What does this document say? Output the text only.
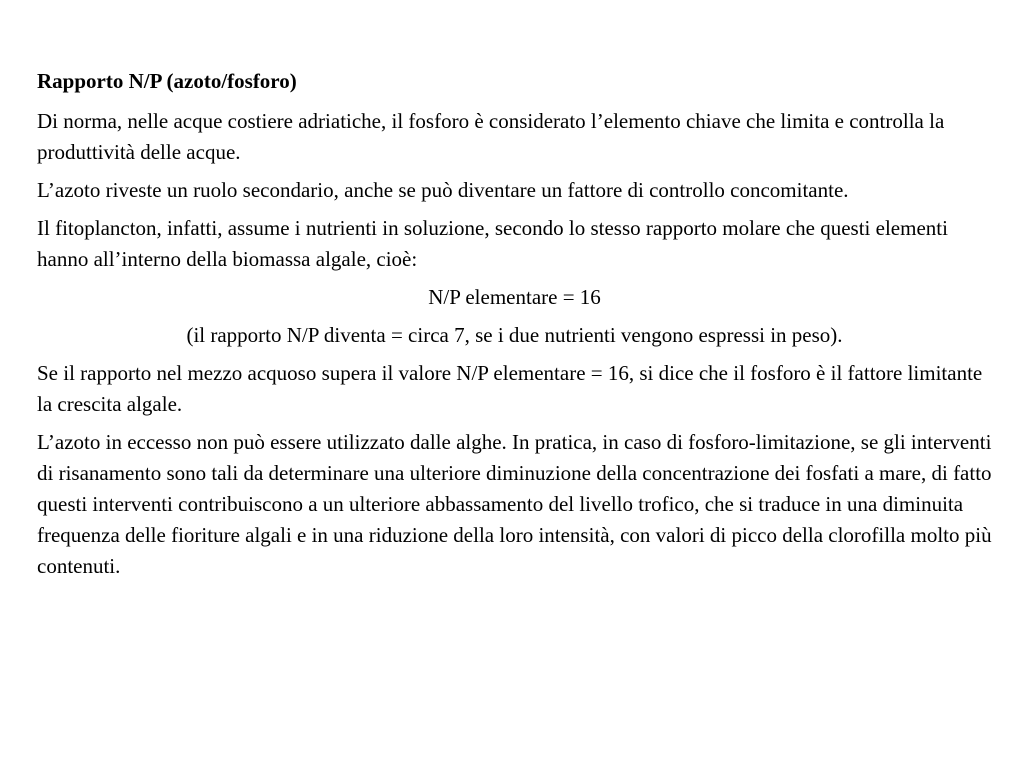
Rapporto N/P (azoto/fosforo)
Di norma, nelle acque costiere adriatiche, il fosforo è considerato l’elemento chiave che limita e controlla la produttività delle acque.
L’azoto riveste un ruolo secondario, anche se può diventare un fattore di controllo concomitante.
Il fitoplancton, infatti, assume i nutrienti in soluzione, secondo lo stesso rapporto molare che questi elementi hanno all’interno della biomassa algale, cioè:
N/P elementare = 16
(il rapporto N/P diventa = circa 7, se i due nutrienti vengono espressi in peso).
Se il rapporto nel mezzo acquoso supera il valore N/P elementare = 16, si dice che il fosforo è il fattore limitante la crescita algale.
L’azoto in eccesso non può essere utilizzato dalle alghe. In pratica, in caso di fosforo-limitazione, se gli interventi di risanamento sono tali da determinare una ulteriore diminuzione della concentrazione dei fosfati a mare, di fatto questi interventi contribuiscono a un ulteriore abbassamento del livello trofico, che si traduce in una diminuita frequenza delle fioriture algali e in una riduzione della loro intensità, con valori di picco della clorofilla molto più contenuti.
